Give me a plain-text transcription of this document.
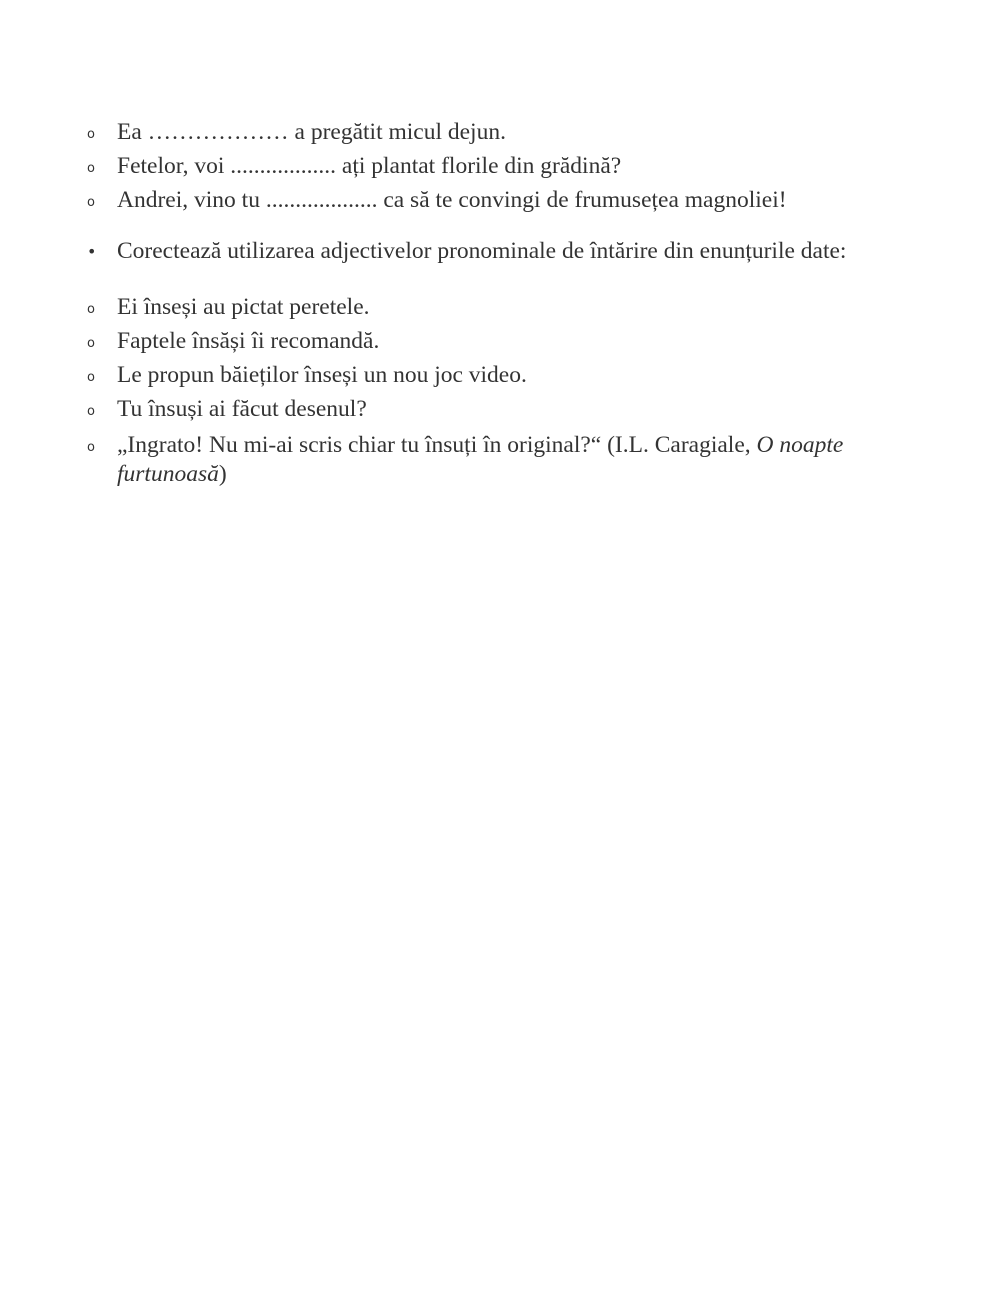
o Ea ……………… a pregătit micul dejun.
o Fetelor, voi .................. ați plantat florile din grădină?
o Andrei, vino tu ................... ca să te convingi de frumusețea magnoliei!
• Corectează utilizarea adjectivelor pronominale de întărire din enunțurile date:
o Ei înseși au pictat peretele.
o Faptele însăși îi recomandă.
o Le propun băieților înseși un nou joc video.
o Tu însuși ai făcut desenul?
o „Ingrato! Nu mi-ai scris chiar tu însuți în original?“ (I.L. Caragiale, O noapte
furtunoasă)
